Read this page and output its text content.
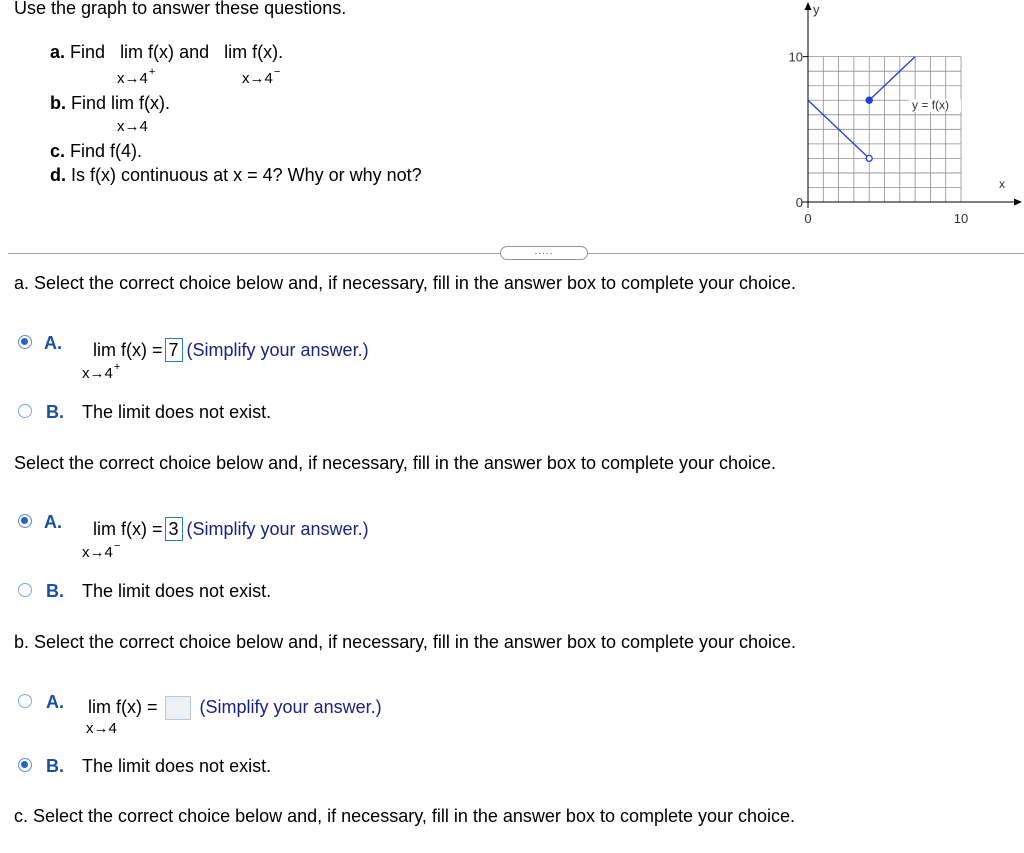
Use the graph to answer these questions.
a. Find lim f(x) and lim f(x).
x→4+	x→4−
b. Find lim f(x).
x→4
c. Find f(4).
d. Is f(x) continuous at x = 4? Why or why not?
10
0
0	10
y
x
y = f(x)
.....
a. Select the correct choice below and, if necessary, fill in the answer box to complete your choice.
A. lim f(x) = 7 (Simplify your answer.)
x→4+
B. The limit does not exist.
Select the correct choice below and, if necessary, fill in the answer box to complete your choice.
A. lim f(x) = 3 (Simplify your answer.)
x→4−
B. The limit does not exist.
b. Select the correct choice below and, if necessary, fill in the answer box to complete your choice.
A. lim f(x) = (Simplify your answer.)
x→4
B. The limit does not exist.
c. Select the correct choice below and, if necessary, fill in the answer box to complete your choice.
